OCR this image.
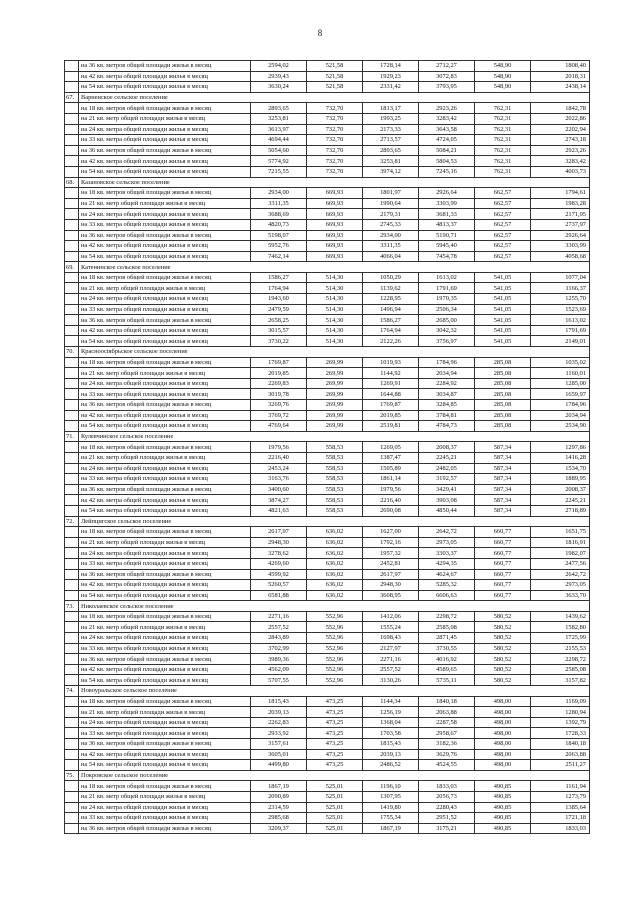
8
	на 36 кв. метров общей площади жилья в месяц	2594,02	521,58	1728,14	2712,27	548,90	1808,40
	на 42 кв. метра общей площади жилья в месяц	2939,43	521,58	1929,23	3072,83	548,90	2018,31
	на 54 кв. метра общей площади жилья в месяц	3630,24	521,58	2331,42	3793,95	548,90	2438,14
67.	Варненское сельское поселение						
	на 18 кв. метров общей площади жилья в месяц	2893,65	732,70	1813,17	2923,26	762,31	1842,78
	на 21 кв. метр общей площади жилья в месяц	3253,81	732,70	1993,25	3283,42	762,31	2022,86
	на 24 кв. метра общей площади жилья в месяц	3613,97	732,70	2173,33	3643,58	762,31	2202,94
	на 33 кв. метра общей площади жилья в месяц	4694,44	732,70	2713,57	4724,05	762,31	2743,18
	на 36 кв. метров общей площади жилья в месяц	5054,60	732,70	2893,65	5084,21	762,31	2923,26
	на 42 кв. метра общей площади жилья в месяц	5774,92	732,70	3253,81	5804,53	762,31	3283,42
	на 54 кв. метра общей площади жилья в месяц	7215,55	732,70	3974,12	7245,16	762,31	4003,73
68.	Казановское сельское поселение						
	на 18 кв. метров общей площади жилья в месяц	2934,00	669,93	1801,97	2926,64	662,57	1794,61
	на 21 кв. метр общей площади жилья в месяц	3311,35	669,93	1990,64	3303,99	662,57	1983,28
	на 24 кв. метра общей площади жилья в месяц	3688,69	669,93	2179,31	3681,33	662,57	2171,95
	на 33 кв. метра общей площади жилья в месяц	4820,73	669,93	2745,33	4813,37	662,57	2737,97
	на 36 кв. метров общей площади жилья в месяц	5198,07	669,93	2934,00	5190,71	662,57	2926,64
	на 42 кв. метра общей площади жилья в месяц	5952,76	669,93	3311,35	5945,40	662,57	3303,99
	на 54 кв. метра общей площади жилья в месяц	7462,14	669,93	4066,04	7454,78	662,57	4058,68
69.	Катенинское сельское поселение						
	на 18 кв. метров общей площади жилья в месяц	1586,27	514,30	1050,29	1613,02	541,05	1077,04
	на 21 кв. метр общей площади жилья в месяц	1764,94	514,30	1139,62	1791,69	541,05	1166,37
	на 24 кв. метра общей площади жилья в месяц	1943,60	514,30	1228,95	1970,35	541,05	1255,70
	на 33 кв. метра общей площади жилья в месяц	2479,59	514,30	1496,94	2506,34	541,05	1523,69
	на 36 кв. метров общей площади жилья в месяц	2658,25	514,30	1586,27	2685,00	541,05	1613,02
	на 42 кв. метра общей площади жилья в месяц	3015,57	514,30	1764,94	3042,32	541,05	1791,69
	на 54 кв. метра общей площади жилья в месяц	3730,22	514,30	2122,26	3756,97	541,05	2149,01
70.	Красноoctябрьское сельское поселение						
	на 18 кв. метров общей площади жилья в месяц	1769,87	269,99	1019,93	1784,96	285,08	1035,02
	на 21 кв. метр общей площади жилья в месяц	2019,85	269,99	1144,92	2034,94	285,08	1160,01
	на 24 кв. метра общей площади жилья в месяц	2269,83	269,99	1269,91	2284,92	285,08	1285,00
	на 33 кв. метра общей площади жилья в месяц	3019,78	269,99	1644,88	3034,87	285,08	1659,97
	на 36 кв. метров общей площади жилья в месяц	3269,76	269,99	1769,87	3284,85	285,08	1784,96
	на 42 кв. метра общей площади жилья в месяц	3769,72	269,99	2019,85	3784,81	285,08	2034,94
	на 54 кв. метра общей площади жилья в месяц	4769,64	269,99	2519,81	4784,73	285,08	2534,90
71.	Кулевчинское сельское поселение						
	на 18 кв. метров общей площади жилья в месяц	1979,56	558,53	1269,05	2008,37	587,34	1297,86
	на 21 кв. метр общей площади жилья в месяц	2216,40	558,53	1387,47	2245,21	587,34	1416,28
	на 24 кв. метра общей площади жилья в месяц	2453,24	558,53	1505,89	2482,05	587,34	1534,70
	на 33 кв. метра общей площади жилья в месяц	3163,76	558,53	1861,14	3192,57	587,34	1889,95
	на 36 кв. метров общей площади жилья в месяц	3400,60	558,53	1979,56	3429,41	587,34	2008,37
	на 42 кв. метра общей площади жилья в месяц	3874,27	558,53	2216,40	3903,08	587,34	2245,21
	на 54 кв. метра общей площади жилья в месяц	4821,63	558,53	2690,08	4850,44	587,34	2718,89
72.	Лейпцигское сельское поселение						
	на 18 кв. метров общей площади жилья в месяц	2617,97	636,02	1627,00	2642,72	660,77	1651,75
	на 21 кв. метр общей площади жилья в месяц	2948,30	636,02	1792,16	2973,05	660,77	1816,91
	на 24 кв. метра общей площади жилья в месяц	3278,62	636,02	1957,32	3303,37	660,77	1982,07
	на 33 кв. метра общей площади жилья в месяц	4269,60	636,02	2452,81	4294,35	660,77	2477,56
	на 36 кв. метров общей площади жилья в месяц	4599,92	636,02	2617,97	4624,67	660,77	2642,72
	на 42 кв. метра общей площади жилья в месяц	5260,57	636,02	2948,30	5285,32	660,77	2973,05
	на 54 кв. метра общей площади жилья в месяц	6581,88	636,02	3608,95	6606,63	660,77	3633,70
73.	Николаевское сельское поселение						
	на 18 кв. метров общей площади жилья в месяц	2271,16	552,96	1412,06	2298,72	580,52	1439,62
	на 21 кв. метр общей площади жилья в месяц	2557,52	552,96	1555,24	2585,08	580,52	1582,80
	на 24 кв. метра общей площади жилья в месяц	2843,89	552,96	1698,43	2871,45	580,52	1725,99
	на 33 кв. метра общей площади жилья в месяц	3702,99	552,96	2127,97	3730,55	580,52	2155,53
	на 36 кв. метров общей площади жилья в месяц	3989,36	552,96	2271,16	4016,92	580,52	2298,72
	на 42 кв. метра общей площади жилья в месяц	4562,09	552,96	2557,52	4589,65	580,52	2585,08
	на 54 кв. метра общей площади жилья в месяц	5707,55	552,96	3130,26	5735,11	580,52	3157,82
74.	Новоуральское сельское поселение						
	на 18 кв. метров общей площади жилья в месяц	1815,43	473,25	1144,34	1840,18	498,00	1169,09
	на 21 кв. метр общей площади жилья в месяц	2039,13	473,25	1256,19	2063,88	498,00	1280,94
	на 24 кв. метра общей площади жилья в месяц	2262,83	473,25	1368,04	2287,58	498,00	1392,79
	на 33 кв. метра общей площади жилья в месяц	2933,92	473,25	1703,58	2958,67	498,00	1728,33
	на 36 кв. метров общей площади жилья в месяц	3157,61	473,25	1815,43	3182,36	498,00	1840,18
	на 42 кв. метра общей площади жилья в месяц	3605,01	473,25	2039,13	3629,76	498,00	2063,88
	на 54 кв. метра общей площади жилья в месяц	4499,80	473,25	2486,52	4524,55	498,00	2511,27
75.	Покровское сельское поселение						
	на 18 кв. метров общей площади жилья в месяц	1867,19	525,01	1196,10	1833,03	490,85	1161,94
	на 21 кв. метр общей площади жилья в месяц	2090,89	525,01	1307,95	2056,73	490,85	1273,79
	на 24 кв. метра общей площади жилья в месяц	2314,59	525,01	1419,80	2280,43	490,85	1385,64
	на 33 кв. метра общей площади жилья в месяц	2985,68	525,01	1755,34	2951,52	490,85	1721,18
	на 36 кв. метров общей площади жилья в месяц	3209,37	525,01	1867,19	3175,21	490,85	1833,03
